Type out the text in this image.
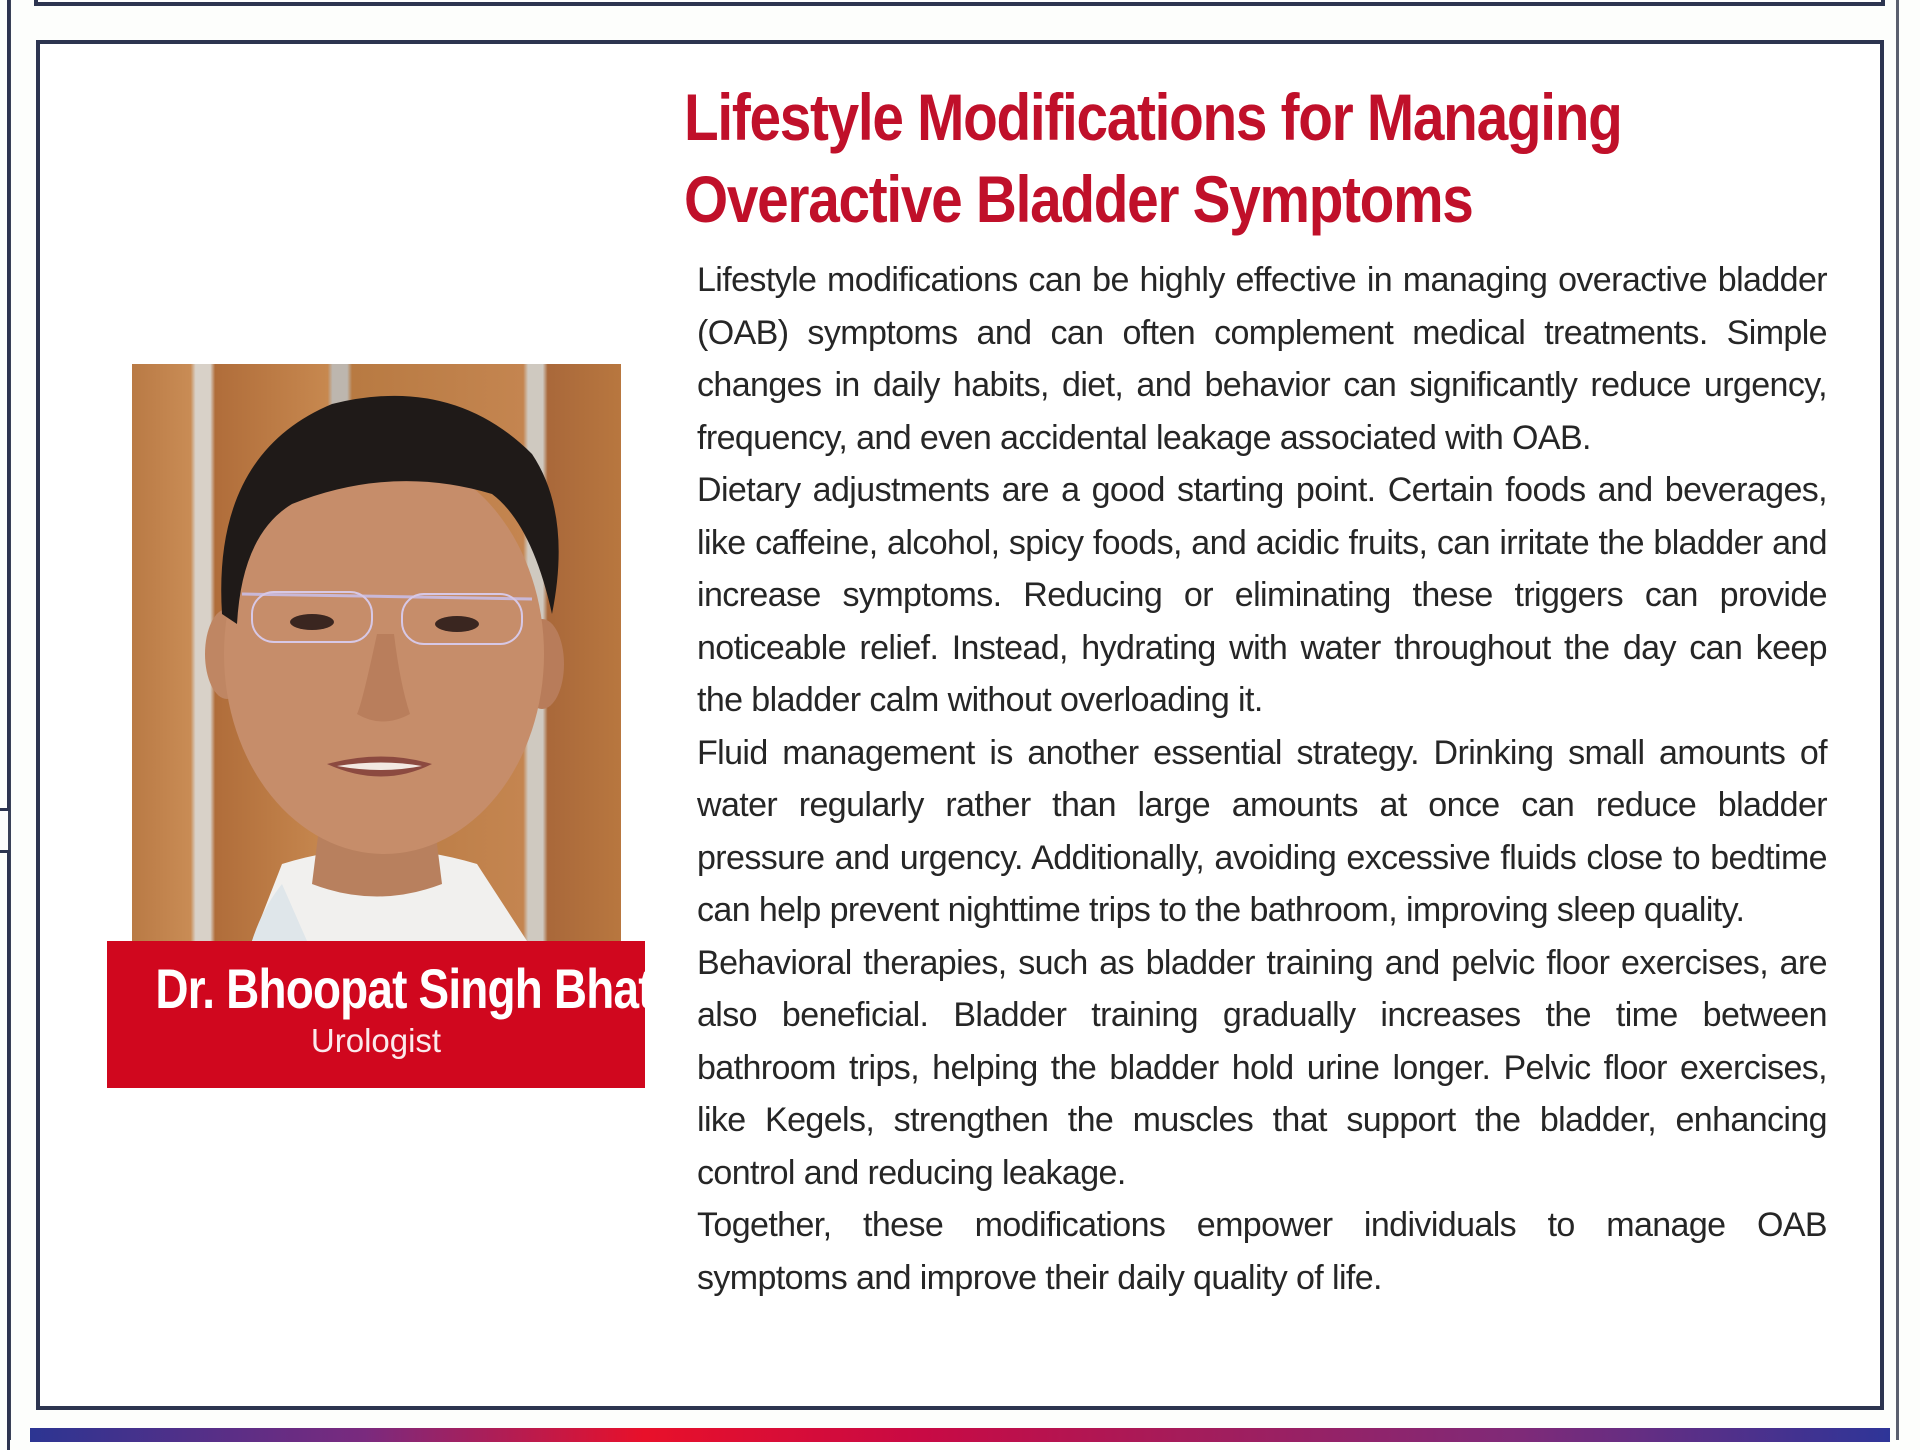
Lifestyle Modifications for Managing
Overactive Bladder Symptoms
Dr. Bhoopat Singh Bhati
Urologist

Lifestyle modifications can be highly effective in managing overactive bladder (OAB) symptoms and can often complement medical treatments. Simple changes in daily habits, diet, and behavior can significantly reduce urgency, frequency, and even accidental leakage associated with OAB.

Dietary adjustments are a good starting point. Certain foods and beverages, like caffeine, alcohol, spicy foods, and acidic fruits, can irritate the bladder and increase symptoms. Reducing or eliminating these triggers can provide noticeable relief. Instead, hydrating with water throughout the day can keep the bladder calm without overloading it.

Fluid management is another essential strategy. Drinking small amounts of water regularly rather than large amounts at once can reduce bladder pressure and urgency. Additionally, avoiding excessive fluids close to bedtime can help prevent nighttime trips to the bathroom, improving sleep quality.

Behavioral therapies, such as bladder training and pelvic floor exercises, are also beneficial. Bladder training gradually increases the time between bathroom trips, helping the bladder hold urine longer. Pelvic floor exercises, like Kegels, strengthen the muscles that support the bladder, enhancing control and reducing leakage.

Together, these modifications empower individuals to manage OAB symptoms and improve their daily quality of life.
